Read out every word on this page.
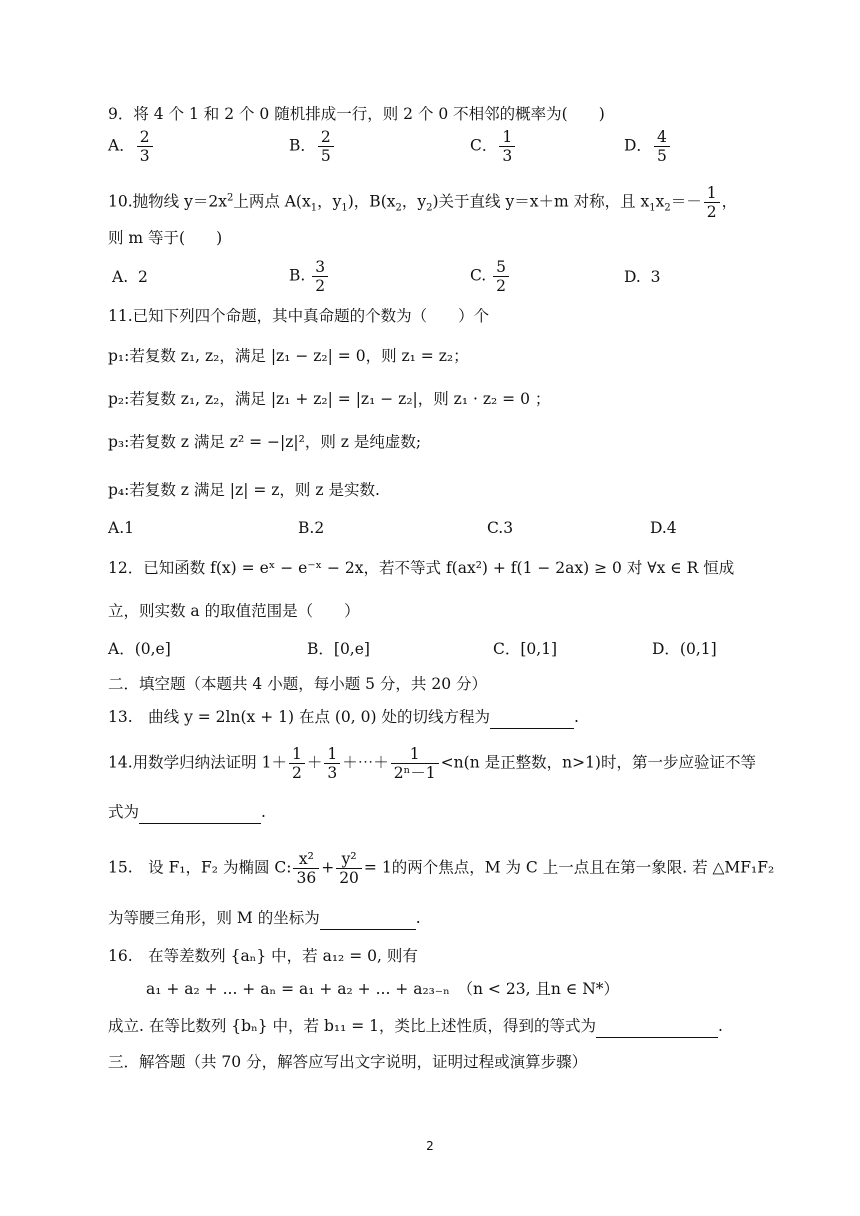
9．将 4 个 1 和 2 个 0 随机排成一行，则 2 个 0 不相邻的概率为(　　)
A． $\frac{2}{3}$	B． $\frac{2}{5}$	C． $\frac{1}{3}$	D． $\frac{4}{5}$
10.抛物线 $y=2x^2$上两点 $A(x_1$，$y_1$)，$B(x_2$，$y_2$)关于直线 y＝x＋m 对称，且 $x_1x_2=- \frac{1}{2}$ ，
则 m 等于(　　)
A. 2	B. $\frac{3}{2}$	C. $\frac{5}{2}$	D. 3
11.已知下列四个命题，其中真命题的个数为（　　）个
p₁:若复数 z₁, z₂，满足 |z₁ − z₂| = 0，则 z₁ = z₂；
p₂:若复数 z₁, z₂，满足 |z₁ + z₂| = |z₁ − z₂|，则 z₁ · z₂ = 0 ；
p₃:若复数 z 满足 z² = −|z|²，则 z 是纯虚数;
p₄:若复数 z 满足 |z| = z，则 z 是实数.
A.1	B.2	C.3	D.4
12．已知函数 f(x) = eˣ − e⁻ˣ − 2x，若不等式 f(ax²) + f(1 − 2ax) ≥ 0 对 ∀x ∈ R 恒成
立，则实数 a 的取值范围是（　　）
A．(0,e]	B．[0,e]	C．[0,1]	D．(0,1]
二．填空题（本题共 4 小题，每小题 5 分，共 20 分）
13.　曲线 y = 2ln(x + 1) 在点 (0, 0) 处的切线方程为	.
14.用数学归纳法证明 $1+ \frac{1}{2} + \frac{1}{3}$ ＋⋯＋ $\frac{1}{\text{2ⁿ－1}} <n(n$ 是正整数，n>1)时，第一步应验证不等
式为	.
15.　设 F₁，F₂ 为椭圆 C: $\frac{\text{x²}}{36} + \frac{\text{y²}}{20} = 1$的两个焦点，M 为 C 上一点且在第一象限. 若 △MF₁F₂
为等腰三角形，则 M 的坐标为	.
16.　在等差数列 {aₙ} 中，若 a₁₂ = 0, 则有
a₁ + a₂ + ... + aₙ = a₁ + a₂ + ... + a₂₃₋ₙ　（n < 23, 且n ∈ N*）
成立. 在等比数列 {bₙ} 中，若 b₁₁ = 1，类比上述性质，得到的等式为	.
三．解答题（共 70 分，解答应写出文字说明，证明过程或演算步骤）
2
